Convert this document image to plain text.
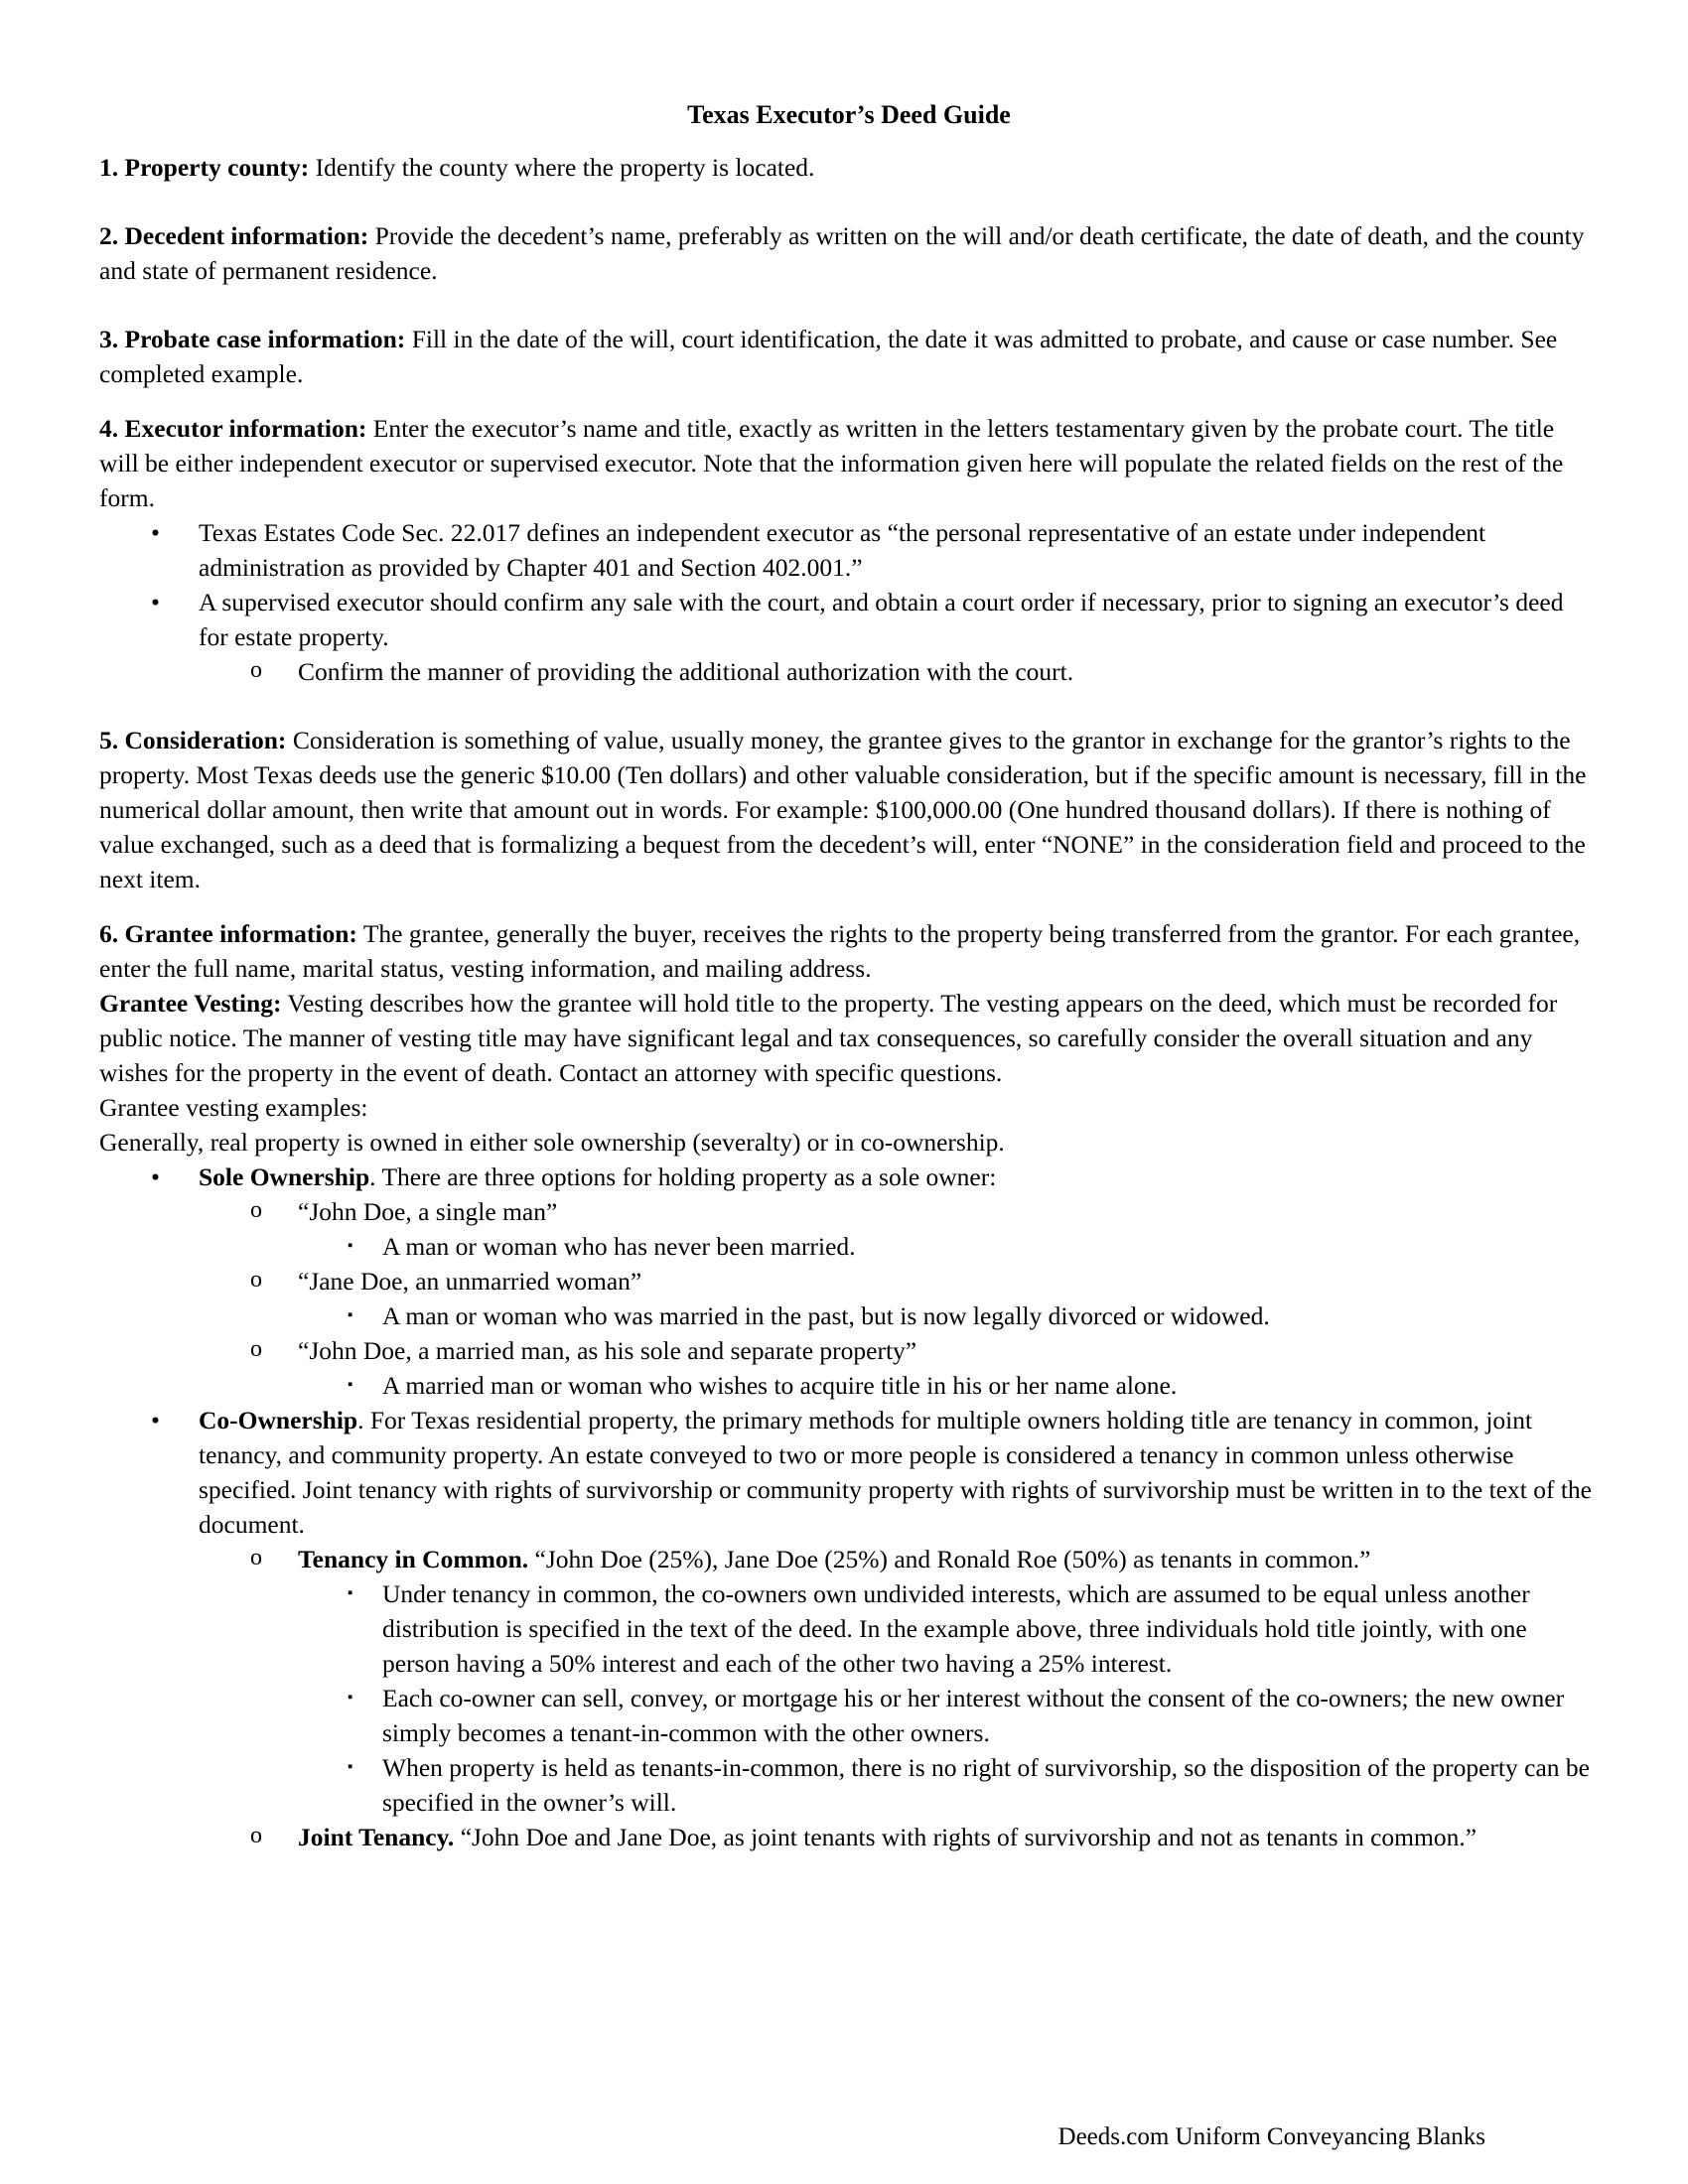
Texas Executor’s Deed Guide

1. Property county: Identify the county where the property is located.

2. Decedent information: Provide the decedent’s name, preferably as written on the will and/or death certificate, the date of death, and the county and state of permanent residence.

3. Probate case information: Fill in the date of the will, court identification, the date it was admitted to probate, and cause or case number. See completed example.

4. Executor information: Enter the executor’s name and title, exactly as written in the letters testamentary given by the probate court. The title will be either independent executor or supervised executor. Note that the information given here will populate the related fields on the rest of the form.

• Texas Estates Code Sec. 22.017 defines an independent executor as “the personal representative of an estate under independent administration as provided by Chapter 401 and Section 402.001.”
• A supervised executor should confirm any sale with the court, and obtain a court order if necessary, prior to signing an executor’s deed for estate property.
o Confirm the manner of providing the additional authorization with the court.

5. Consideration: Consideration is something of value, usually money, the grantee gives to the grantor in exchange for the grantor’s rights to the property. Most Texas deeds use the generic $10.00 (Ten dollars) and other valuable consideration, but if the specific amount is necessary, fill in the numerical dollar amount, then write that amount out in words. For example: $100,000.00 (One hundred thousand dollars). If there is nothing of value exchanged, such as a deed that is formalizing a bequest from the decedent’s will, enter “NONE” in the consideration field and proceed to the next item.

6. Grantee information: The grantee, generally the buyer, receives the rights to the property being transferred from the grantor. For each grantee, enter the full name, marital status, vesting information, and mailing address.

Grantee Vesting: Vesting describes how the grantee will hold title to the property. The vesting appears on the deed, which must be recorded for public notice. The manner of vesting title may have significant legal and tax consequences, so carefully consider the overall situation and any wishes for the property in the event of death. Contact an attorney with specific questions.

Grantee vesting examples:

Generally, real property is owned in either sole ownership (severalty) or in co-ownership.

• Sole Ownership. There are three options for holding property as a sole owner:
o “John Doe, a single man”
▪ A man or woman who has never been married.
o “Jane Doe, an unmarried woman”
▪ A man or woman who was married in the past, but is now legally divorced or widowed.
o “John Doe, a married man, as his sole and separate property”
▪ A married man or woman who wishes to acquire title in his or her name alone.
• Co-Ownership. For Texas residential property, the primary methods for multiple owners holding title are tenancy in common, joint tenancy, and community property. An estate conveyed to two or more people is considered a tenancy in common unless otherwise specified. Joint tenancy with rights of survivorship or community property with rights of survivorship must be written in to the text of the document.
o Tenancy in Common. “John Doe (25%), Jane Doe (25%) and Ronald Roe (50%) as tenants in common.”
▪ Under tenancy in common, the co-owners own undivided interests, which are assumed to be equal unless another distribution is specified in the text of the deed. In the example above, three individuals hold title jointly, with one person having a 50% interest and each of the other two having a 25% interest.
▪ Each co-owner can sell, convey, or mortgage his or her interest without the consent of the co-owners; the new owner simply becomes a tenant-in-common with the other owners.
▪ When property is held as tenants-in-common, there is no right of survivorship, so the disposition of the property can be specified in the owner’s will.
o Joint Tenancy. “John Doe and Jane Doe, as joint tenants with rights of survivorship and not as tenants in common.”
Deeds.com Uniform Conveyancing Blanks
